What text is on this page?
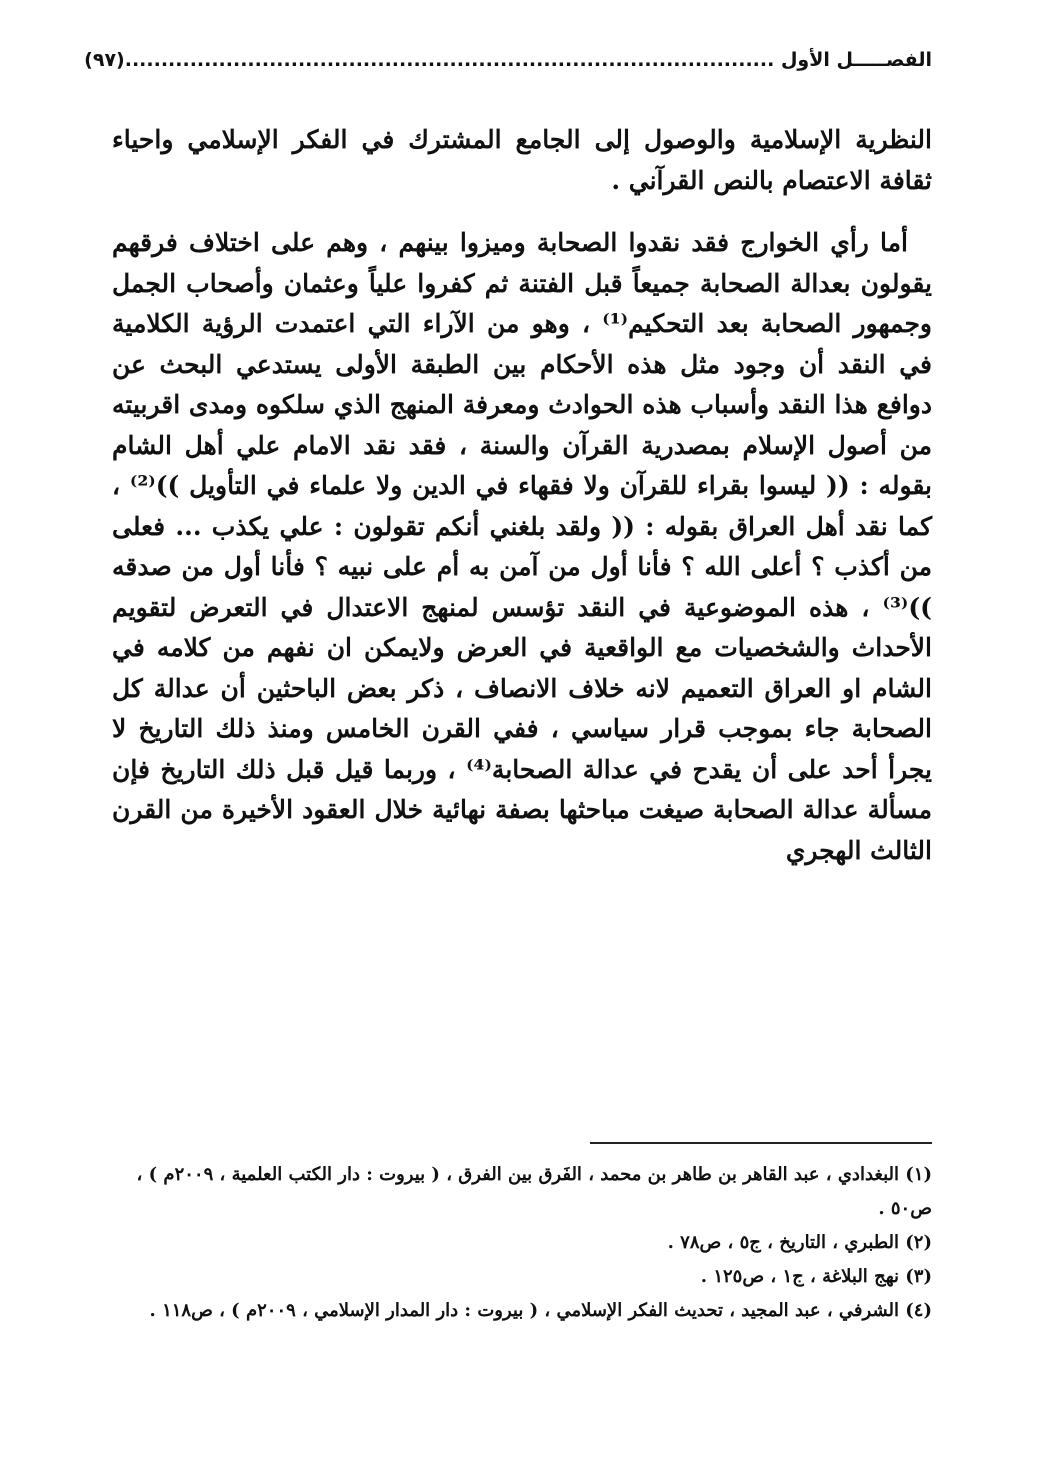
الفصـــــل الأول ..........................................................................................(٩٧)

النظرية الإسلامية والوصول إلى الجامع المشترك في الفكر الإسلامي واحياء ثقافة الاعتصام بالنص القرآني .

أما رأي الخوارج فقد نقدوا الصحابة وميزوا بينهم ، وهم على اختلاف فرقهم يقولون بعدالة الصحابة جميعاً قبل الفتنة ثم كفروا علياً وعثمان وأصحاب الجمل وجمهور الصحابة بعد التحكيم⁽¹⁾ ، وهو من الآراء التي اعتمدت الرؤية الكلامية في النقد أن وجود مثل هذه الأحكام بين الطبقة الأولى يستدعي البحث عن دوافع هذا النقد وأسباب هذه الحوادث ومعرفة المنهج الذي سلكوه ومدى اقربيته من أصول الإسلام بمصدرية القرآن والسنة ، فقد نقد الامام علي أهل الشام بقوله : (( ليسوا بقراء للقرآن ولا فقهاء في الدين ولا علماء في التأويل ))⁽²⁾ ، كما نقد أهل العراق بقوله : (( ولقد بلغني أنكم تقولون : علي يكذب ... فعلى من أكذب ؟ أعلى الله ؟ فأنا أول من آمن به أم على نبيه ؟ فأنا أول من صدقه ))⁽³⁾ ، هذه الموضوعية في النقد تؤسس لمنهج الاعتدال في التعرض لتقويم الأحداث والشخصيات مع الواقعية في العرض ولايمكن ان نفهم من كلامه في الشام او العراق التعميم لانه خلاف الانصاف ، ذكر بعض الباحثين أن عدالة كل الصحابة جاء بموجب قرار سياسي ، ففي القرن الخامس ومنذ ذلك التاريخ لا يجرأ أحد على أن يقدح في عدالة الصحابة⁽⁴⁾ ، وربما قيل قبل ذلك التاريخ فإن مسألة عدالة الصحابة صيغت مباحثها بصفة نهائية خلال العقود الأخيرة من القرن الثالث الهجري

(١) البغدادي ، عبد القاهر بن طاهر بن محمد ، الفَرق بين الفرق ، ( بيروت : دار الكتب العلمية ، ٢٠٠٩م ) ، ص٥٠ .

(٢) الطبري ، التاريخ ، ج٥ ، ص٧٨ .

(٣) نهج البلاغة ، ج١ ، ص١٢٥ .

(٤) الشرفي ، عبد المجيد ، تحديث الفكر الإسلامي ، ( بيروت : دار المدار الإسلامي ، ٢٠٠٩م ) ، ص١١٨ .
